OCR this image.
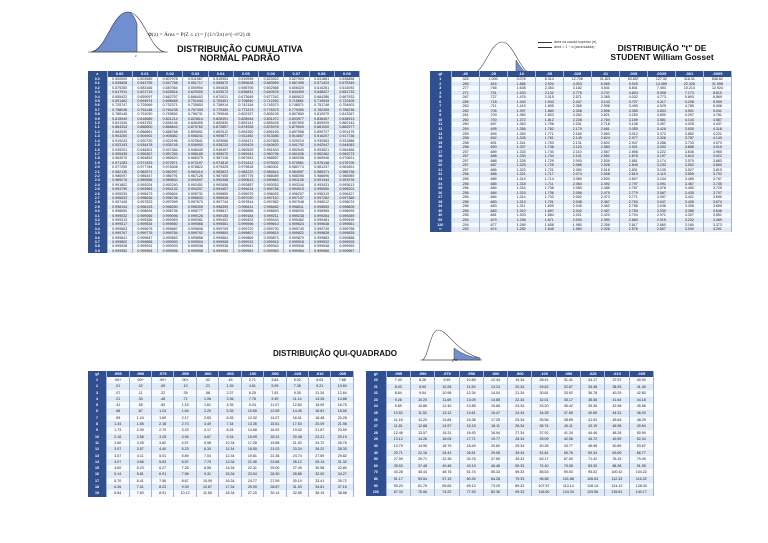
z
Φ(z) = Área = P(Z ≤ z) = ∫ (1/√2π) e^(−t²/2) dt
DISTRIBUIÇÃO CUMULATIVA
NORMAL PADRÃO
z	0.00	0.01	0.02	0.03	0.04	0.05	0.06	0.07	0.08	0.09
0.0	0.500000	0.503989	0.507978	0.511967	0.515953	0.519939	0.523922	0.527903	0.531881	0.535856
0.1	0.539828	0.543795	0.547758	0.551717	0.555670	0.559618	0.563559	0.567495	0.571424	0.575345
0.2	0.579260	0.583166	0.587064	0.590954	0.594835	0.598706	0.602568	0.606420	0.610261	0.614092
0.3	0.617911	0.621719	0.625516	0.629300	0.633072	0.636831	0.640576	0.644309	0.648027	0.651732
0.4	0.655422	0.659097	0.662757	0.666402	0.670031	0.673645	0.677242	0.680822	0.684386	0.687933
0.5	0.691462	0.694974	0.698468	0.701944	0.705401	0.708840	0.712260	0.715661	0.719043	0.722405
0.6	0.725747	0.729069	0.732371	0.735653	0.738914	0.742154	0.745373	0.748571	0.751748	0.754903
0.7	0.758036	0.761148	0.764238	0.767305	0.770350	0.773373	0.776373	0.779350	0.782305	0.785236
0.8	0.788145	0.791030	0.793892	0.796731	0.799546	0.802337	0.805105	0.807850	0.810570	0.813267
0.9	0.815940	0.818589	0.821214	0.823814	0.826391	0.828944	0.831472	0.833977	0.836457	0.838913
1.0	0.841345	0.843752	0.846136	0.848495	0.850830	0.853141	0.855428	0.857690	0.859929	0.862143
1.1	0.864334	0.866500	0.868643	0.870762	0.872857	0.874928	0.876976	0.879000	0.881000	0.882977
1.2	0.884930	0.886861	0.888768	0.890651	0.892512	0.894350	0.896165	0.897958	0.899727	0.901475
1.3	0.903200	0.904902	0.906582	0.908241	0.909877	0.911492	0.913085	0.914657	0.916207	0.917736
1.4	0.919243	0.920730	0.922196	0.923641	0.925066	0.926471	0.927855	0.929219	0.930563	0.931888
1.5	0.933193	0.934478	0.935745	0.936992	0.938220	0.939429	0.940620	0.941792	0.942947	0.944083
1.6	0.945201	0.946301	0.947384	0.948449	0.949497	0.950529	0.951543	0.952540	0.953521	0.954486
1.7	0.955435	0.956367	0.957284	0.958185	0.959070	0.959941	0.960796	0.961636	0.962462	0.963273
1.8	0.964070	0.964852	0.965620	0.966375	0.967116	0.967843	0.968557	0.969258	0.969946	0.970621
1.9	0.971283	0.971933	0.972571	0.973197	0.973810	0.974412	0.975002	0.975581	0.976148	0.976705
2.0	0.977250	0.977784	0.978308	0.978822	0.979325	0.979818	0.980301	0.980774	0.981237	0.981691
2.1	0.982136	0.982571	0.982997	0.983414	0.983823	0.984222	0.984614	0.984997	0.985371	0.985738
2.2	0.986097	0.986447	0.986791	0.987126	0.987455	0.987776	0.988089	0.988396	0.988696	0.988989
2.3	0.989276	0.989556	0.989830	0.990097	0.990358	0.990613	0.990863	0.991106	0.991344	0.991576
2.4	0.991802	0.992024	0.992240	0.992451	0.992656	0.992857	0.993053	0.993244	0.993431	0.993613
2.5	0.993790	0.993963	0.994132	0.994297	0.994457	0.994614	0.994766	0.994915	0.995060	0.995201
2.6	0.995339	0.995473	0.995604	0.995731	0.995855	0.995975	0.996093	0.996207	0.996319	0.996427
2.7	0.996533	0.996636	0.996736	0.996833	0.996928	0.997020	0.997110	0.997197	0.997282	0.997365
2.8	0.997445	0.997523	0.997599	0.997673	0.997744	0.997814	0.997882	0.997948	0.998012	0.998074
2.9	0.998134	0.998193	0.998250	0.998305	0.998359	0.998411	0.998462	0.998511	0.998559	0.998605
3.0	0.998650	0.998694	0.998736	0.998777	0.998817	0.998856	0.998893	0.998930	0.998965	0.998999
3.1	0.999032	0.999065	0.999096	0.999126	0.999155	0.999184	0.999211	0.999238	0.999264	0.999289
3.2	0.999313	0.999336	0.999359	0.999381	0.999402	0.999423	0.999443	0.999462	0.999481	0.999499
3.3	0.999517	0.999534	0.999550	0.999566	0.999581	0.999596	0.999610	0.999624	0.999638	0.999651
3.4	0.999663	0.999675	0.999687	0.999698	0.999709	0.999720	0.999730	0.999740	0.999749	0.999758
3.5	0.999767	0.999776	0.999784	0.999792	0.999800	0.999807	0.999815	0.999822	0.999828	0.999835
3.6	0.999841	0.999847	0.999853	0.999858	0.999864	0.999869	0.999874	0.999879	0.999883	0.999888
3.7	0.999892	0.999896	0.999900	0.999904	0.999908	0.999912	0.999915	0.999918	0.999922	0.999925
3.8	0.999928	0.999931	0.999933	0.999936	0.999938	0.999941	0.999943	0.999946	0.999948	0.999950
3.9	0.999952	0.999954	0.999956	0.999958	0.999959	0.999961	0.999963	0.999964	0.999966	0.999967
área na cauda superior (α)
área = 1 − α (acumulada)	DISTRIBUIÇÃO "t" DE
STUDENT William Gosset
gl	.40	.25	.10	.05	.025	.01	.005	.0025	.001	.0005
1	.325	1.000	3.078	6.314	12.706	31.821	63.657	127.32	318.31	636.62
2	.289	.816	1.886	2.920	4.303	6.965	9.925	14.089	22.326	31.598
3	.277	.765	1.638	2.353	3.182	4.541	5.841	7.453	10.213	12.924
4	.271	.741	1.533	2.132	2.776	3.747	4.604	5.598	7.173	8.610
5	.267	.727	1.476	2.015	2.571	3.365	4.032	4.773	5.893	6.869
6	.265	.718	1.440	1.943	2.447	3.143	3.707	4.317	5.208	5.959
7	.263	.711	1.415	1.895	2.365	2.998	3.499	4.029	4.785	5.408
8	.262	.706	1.397	1.860	2.306	2.896	3.355	3.833	4.501	5.041
9	.261	.703	1.383	1.833	2.262	2.821	3.250	3.690	4.297	4.781
10	.260	.700	1.372	1.812	2.228	2.764	3.169	3.581	4.144	4.587
11	.260	.697	1.363	1.796	2.201	2.718	3.106	3.497	4.025	4.437
12	.259	.695	1.356	1.782	2.179	2.681	3.055	3.428	3.930	4.318
13	.259	.694	1.350	1.771	2.160	2.650	3.012	3.372	3.852	4.221
14	.258	.692	1.345	1.761	2.145	2.624	2.977	3.326	3.787	4.140
15	.258	.691	1.341	1.753	2.131	2.602	2.947	3.286	3.733	4.073
16	.258	.690	1.337	1.746	2.120	2.583	2.921	3.252	3.686	4.015
17	.257	.689	1.333	1.740	2.110	2.567	2.898	3.222	3.646	3.965
18	.257	.688	1.330	1.734	2.101	2.552	2.878	3.197	3.610	3.922
19	.257	.688	1.328	1.729	2.093	2.539	2.861	3.174	3.579	3.883
20	.257	.687	1.325	1.725	2.086	2.528	2.845	3.153	3.552	3.850
21	.257	.686	1.323	1.721	2.080	2.518	2.831	3.135	3.527	3.819
22	.256	.686	1.321	1.717	2.074	2.508	2.819	3.119	3.505	3.792
23	.256	.685	1.319	1.714	2.069	2.500	2.807	3.104	3.485	3.767
24	.256	.685	1.318	1.711	2.064	2.492	2.797	3.091	3.467	3.745
25	.256	.684	1.316	1.708	2.060	2.485	2.787	3.078	3.450	3.725
26	.256	.684	1.315	1.706	2.056	2.479	2.779	3.067	3.435	3.707
27	.256	.684	1.314	1.703	2.052	2.473	2.771	3.057	3.421	3.690
28	.256	.683	1.313	1.701	2.048	2.467	2.763	3.047	3.408	3.674
29	.256	.683	1.311	1.699	2.045	2.462	2.756	3.038	3.396	3.659
30	.256	.683	1.310	1.697	2.042	2.457	2.750	3.030	3.385	3.646
40	.255	.681	1.303	1.684	2.021	2.423	2.704	2.971	3.307	3.551
60	.254	.679	1.296	1.671	2.000	2.390	2.660	2.915	3.232	3.460
120	.254	.677	1.289	1.658	1.980	2.358	2.617	2.860	3.160	3.373
∞	.253	.674	1.282	1.645	1.960	2.326	2.576	2.807	3.090	3.291
χ²α
DISTRIBUIÇÃO QUI-QUADRADO
gl	.995	.990	.975	.950	.900	.500	.100	.050	.025	.010	.005
1	.00+	.00+	.00+	.00+	.02	.45	2.71	3.84	5.02	6.63	7.88
2	.01	.02	.05	.10	.21	1.39	4.61	5.99	7.38	9.21	10.60
3	.07	.11	.22	.35	.58	2.37	6.25	7.81	9.35	11.34	12.84
4	.21	.30	.48	.71	1.06	3.36	7.78	9.49	11.14	13.28	14.86
5	.41	.55	.83	1.15	1.61	4.35	9.24	11.07	12.83	15.09	16.75
6	.68	.87	1.24	1.64	2.20	5.35	10.65	12.59	14.45	16.81	18.55
7	.99	1.24	1.69	2.17	2.83	6.35	12.02	14.07	16.01	18.48	20.28
8	1.34	1.65	2.18	2.73	3.49	7.34	13.36	15.51	17.53	20.09	21.96
9	1.73	2.09	2.70	3.33	4.17	8.34	14.68	16.92	19.02	21.67	23.59
10	2.16	2.56	3.25	3.94	4.87	9.34	15.99	18.31	20.48	23.21	25.19
11	2.60	3.05	3.82	4.57	5.58	10.34	17.28	19.68	21.92	24.72	26.76
12	3.07	3.57	4.40	5.23	6.30	11.34	18.55	21.03	23.34	26.22	28.30
13	3.57	4.11	5.01	5.89	7.04	12.34	19.81	22.36	24.74	27.69	29.82
14	4.07	4.66	5.63	6.57	7.79	13.34	21.06	23.68	26.12	29.14	31.32
15	4.60	5.23	6.27	7.26	8.55	14.34	22.31	25.00	27.49	30.58	32.80
16	5.14	5.81	6.91	7.96	9.31	15.34	23.54	26.30	28.85	32.00	34.27
17	5.70	6.41	7.56	8.67	10.09	16.34	24.77	27.59	30.19	33.41	35.72
18	6.26	7.01	8.23	9.39	10.87	17.34	25.99	28.87	31.53	34.81	37.16
19	6.84	7.63	8.91	10.12	11.65	18.34	27.20	30.14	32.85	36.19	38.58
gl	.995	.990	.975	.950	.900	.500	.100	.050	.025	.010	.005
20	7.43	8.26	9.59	10.85	12.44	19.34	28.41	31.41	34.17	37.57	40.00
21	8.03	8.90	10.28	11.59	13.24	20.34	29.62	32.67	35.48	38.93	41.40
22	8.64	9.54	10.98	12.34	14.04	21.34	30.81	33.92	36.78	40.29	42.80
23	9.26	10.20	11.69	13.09	14.85	22.34	32.01	35.17	38.08	41.64	44.18
24	9.89	10.86	12.40	13.85	15.66	23.34	33.20	36.42	39.36	42.98	45.56
25	10.52	11.52	13.12	14.61	16.47	24.34	34.28	37.65	40.65	44.31	46.93
26	11.16	12.20	13.84	15.38	17.29	25.34	35.56	38.89	41.92	45.64	48.29
27	11.81	12.88	14.57	16.15	18.11	26.34	36.74	40.11	43.19	46.96	49.64
28	12.46	13.57	15.31	16.93	18.94	27.34	37.92	41.34	44.46	48.28	50.99
29	13.12	14.26	16.05	17.71	19.77	28.34	39.09	42.56	45.72	49.59	52.34
30	13.79	14.95	16.79	18.49	20.60	29.34	40.26	43.77	46.98	50.89	53.67
40	20.71	22.16	24.43	26.51	29.05	39.34	51.81	55.76	59.34	63.69	66.77
50	27.99	29.71	32.36	34.76	37.69	49.33	63.17	67.50	71.42	76.15	79.49
60	35.53	37.48	40.48	43.19	46.46	59.33	74.40	79.08	83.30	88.38	91.95
70	43.28	45.44	48.76	51.74	55.33	69.33	85.53	90.53	95.02	100.42	104.22
80	51.17	53.54	57.15	60.39	64.28	79.33	96.58	101.88	106.63	112.33	116.32
90	59.20	61.75	65.65	69.13	73.29	89.33	107.57	113.14	118.14	124.12	128.30
100	67.33	70.06	74.22	77.93	82.36	99.33	118.50	124.34	129.56	135.81	140.17
